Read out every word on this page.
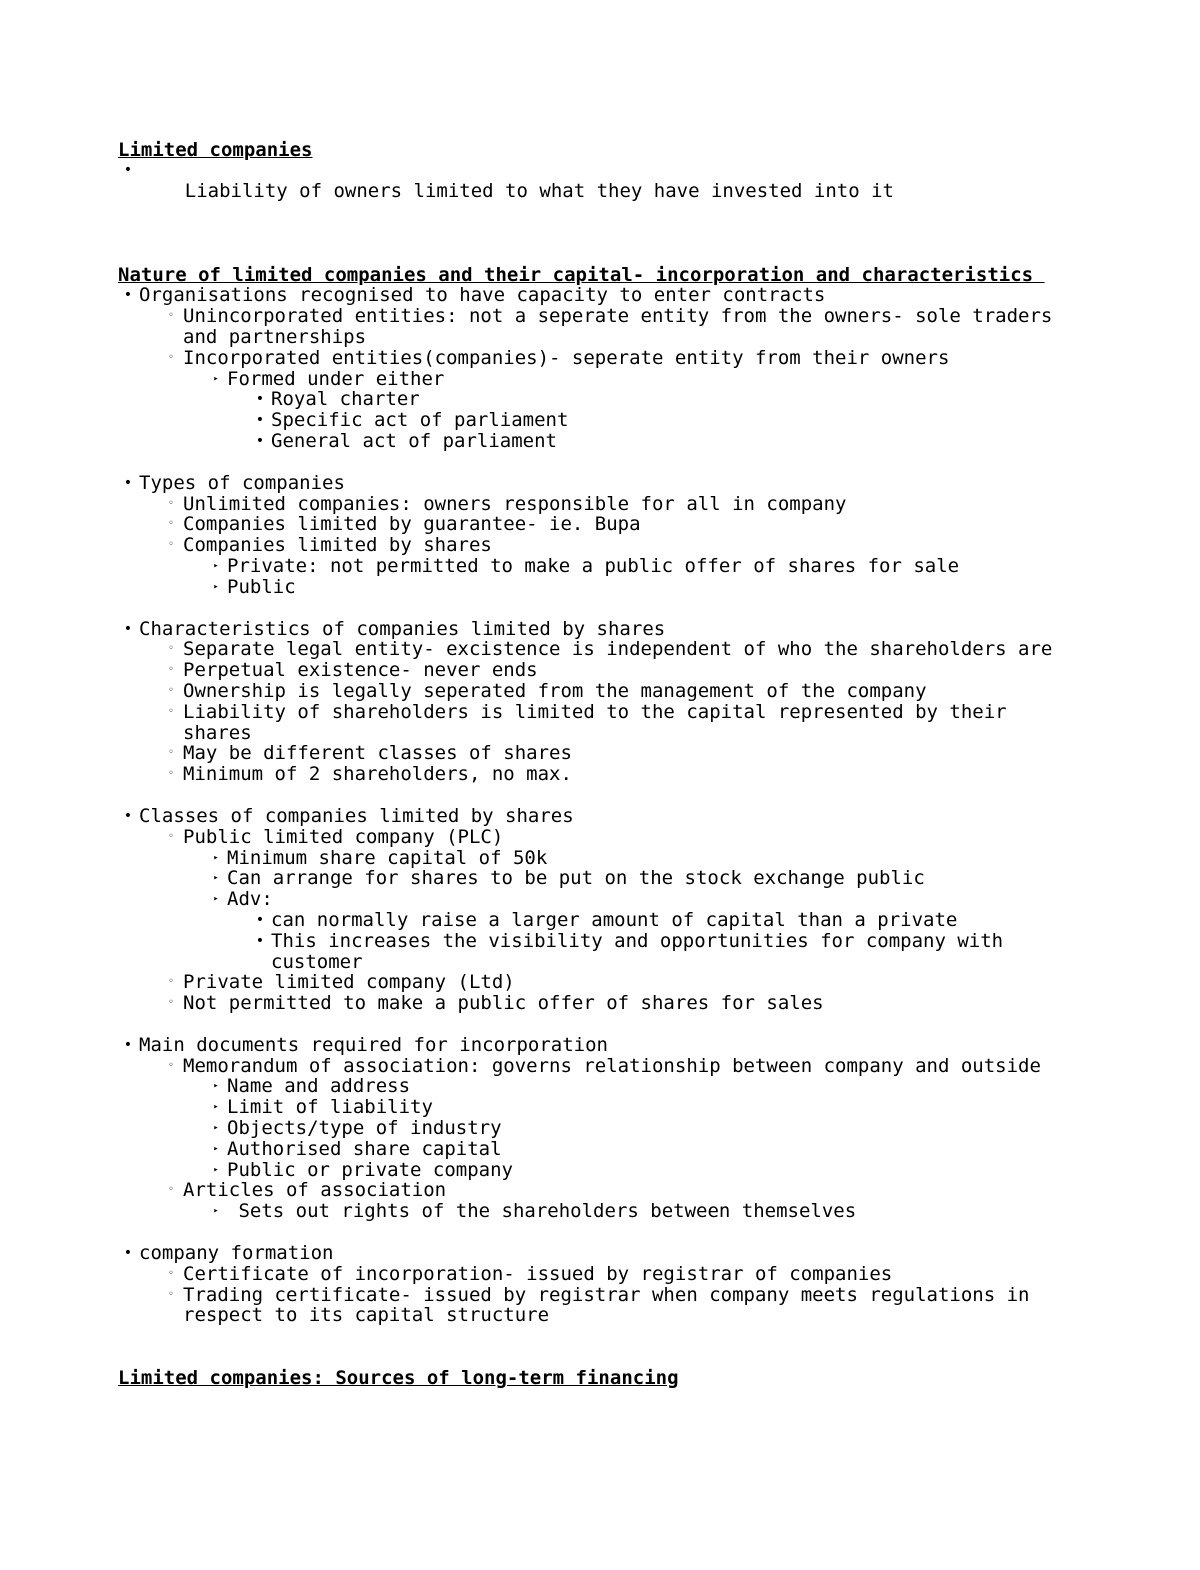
Limited companies

•
Liability of owners limited to what they have invested into it

Nature of limited companies and their capital- incorporation and characteristics
• Organisations recognised to have capacity to enter contracts
◦ Unincorporated entities: not a seperate entity from the owners- sole traders and partnerships
◦ Incorporated entities(companies)- seperate entity from their owners
▸ Formed under either
• Royal charter
• Specific act of parliament
• General act of parliament
• Types of companies
◦ Unlimited companies: owners responsible for all in company
◦ Companies limited by guarantee- ie. Bupa
◦ Companies limited by shares
▸ Private: not permitted to make a public offer of shares for sale
▸ Public
• Characteristics of companies limited by shares
◦ Separate legal entity- excistence is independent of who the shareholders are
◦ Perpetual existence- never ends
◦ Ownership is legally seperated from the management of the company
◦ Liability of shareholders is limited to the capital represented by their shares
◦ May be different classes of shares
◦ Minimum of 2 shareholders, no max.
• Classes of companies limited by shares
◦ Public limited company (PLC)
▸ Minimum share capital of 50k
▸ Can arrange for shares to be put on the stock exchange public
▸ Adv:
• can normally raise a larger amount of capital than a private
• This increases the visibility and opportunities for company with customer
◦ Private limited company (Ltd)
◦ Not permitted to make a public offer of shares for sales
• Main documents required for incorporation
◦ Memorandum of association: governs relationship between company and outside
▸ Name and address
▸ Limit of liability
▸ Objects/type of industry
▸ Authorised share capital
▸ Public or private company
◦ Articles of association
▸ Sets out rights of the shareholders between themselves
• company formation
◦ Certificate of incorporation- issued by registrar of companies
◦ Trading certificate- issued by registrar when company meets regulations in respect to its capital structure
Limited companies: Sources of long-term financing
